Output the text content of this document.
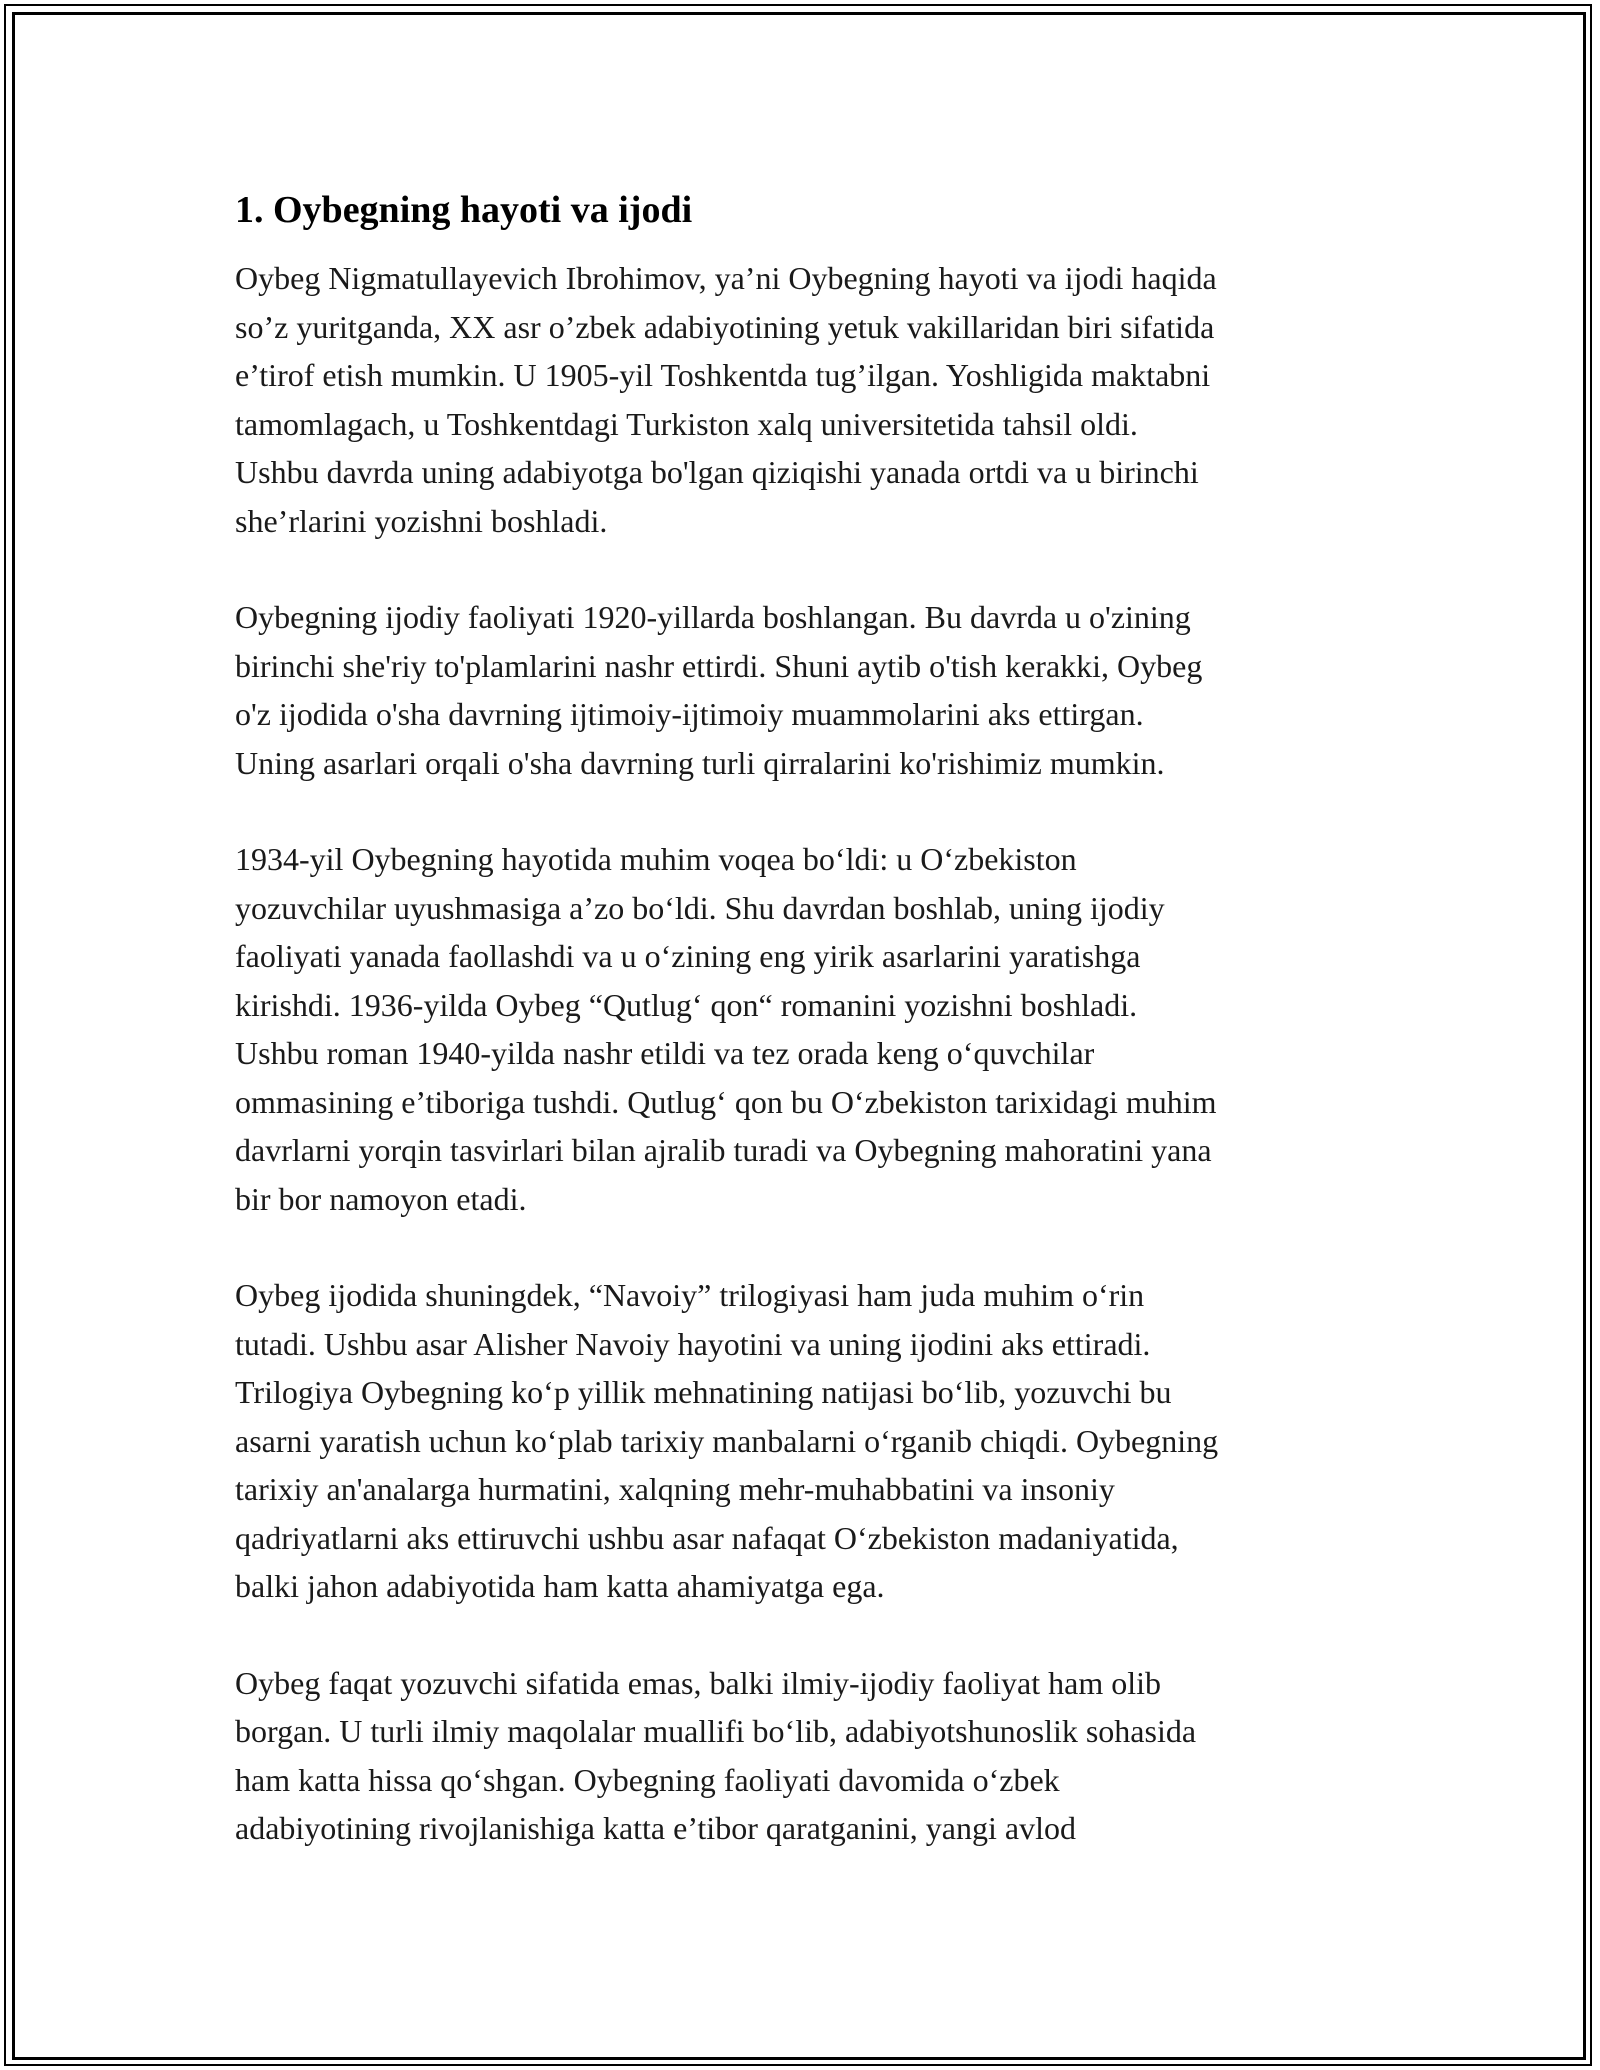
1. Oybegning hayoti va ijodi

Oybeg Nigmatullayevich Ibrohimov, ya’ni Oybegning hayoti va ijodi haqida
so’z yuritganda, XX asr o’zbek adabiyotining yetuk vakillaridan biri sifatida
e’tirof etish mumkin. U 1905-yil Toshkentda tug’ilgan. Yoshligida maktabni
tamomlagach, u Toshkentdagi Turkiston xalq universitetida tahsil oldi.
Ushbu davrda uning adabiyotga bo'lgan qiziqishi yanada ortdi va u birinchi
she’rlarini yozishni boshladi.

Oybegning ijodiy faoliyati 1920-yillarda boshlangan. Bu davrda u o'zining
birinchi she'riy to'plamlarini nashr ettirdi. Shuni aytib o'tish kerakki, Oybeg
o'z ijodida o'sha davrning ijtimoiy-ijtimoiy muammolarini aks ettirgan.
Uning asarlari orqali o'sha davrning turli qirralarini ko'rishimiz mumkin.

1934-yil Oybegning hayotida muhim voqea bo‘ldi: u O‘zbekiston
yozuvchilar uyushmasiga a’zo bo‘ldi. Shu davrdan boshlab, uning ijodiy
faoliyati yanada faollashdi va u o‘zining eng yirik asarlarini yaratishga
kirishdi. 1936-yilda Oybeg “Qutlug‘ qon“ romanini yozishni boshladi.
Ushbu roman 1940-yilda nashr etildi va tez orada keng o‘quvchilar
ommasining e’tiboriga tushdi. Qutlug‘ qon bu O‘zbekiston tarixidagi muhim
davrlarni yorqin tasvirlari bilan ajralib turadi va Oybegning mahoratini yana
bir bor namoyon etadi.

Oybeg ijodida shuningdek, “Navoiy” trilogiyasi ham juda muhim o‘rin
tutadi. Ushbu asar Alisher Navoiy hayotini va uning ijodini aks ettiradi.
Trilogiya Oybegning ko‘p yillik mehnatining natijasi bo‘lib, yozuvchi bu
asarni yaratish uchun ko‘plab tarixiy manbalarni o‘rganib chiqdi. Oybegning
tarixiy an'analarga hurmatini, xalqning mehr-muhabbatini va insoniy
qadriyatlarni aks ettiruvchi ushbu asar nafaqat O‘zbekiston madaniyatida,
balki jahon adabiyotida ham katta ahamiyatga ega.

Oybeg faqat yozuvchi sifatida emas, balki ilmiy-ijodiy faoliyat ham olib
borgan. U turli ilmiy maqolalar muallifi bo‘lib, adabiyotshunoslik sohasida
ham katta hissa qo‘shgan. Oybegning faoliyati davomida o‘zbek
adabiyotining rivojlanishiga katta e’tibor qaratganini, yangi avlod
